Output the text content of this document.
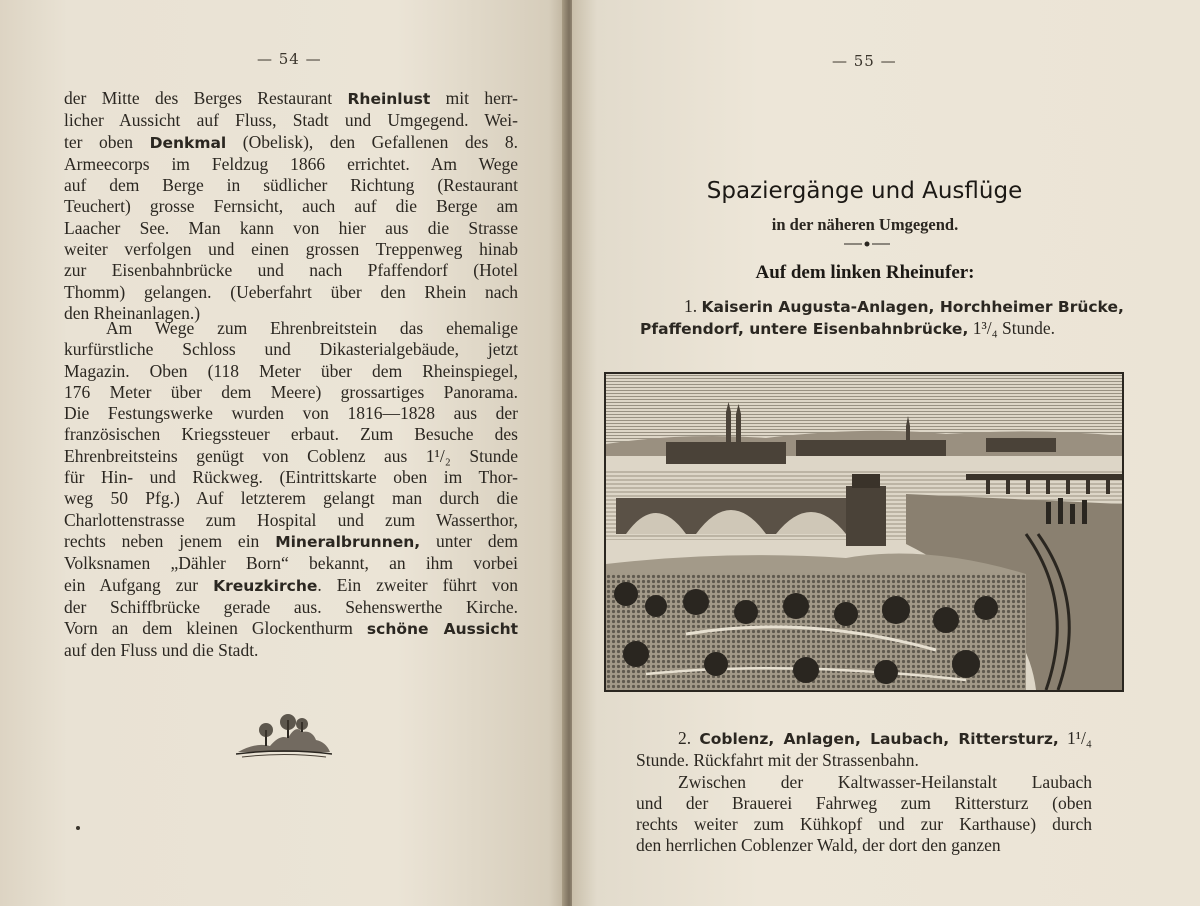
— 54 —
der Mitte des Berges Restaurant Rheinlust mit herr-
licher Aussicht auf Fluss, Stadt und Umgegend. Wei-
ter oben Denkmal (Obelisk), den Gefallenen des 8.
Armeecorps im Feldzug 1866 errichtet. Am Wege
auf dem Berge in südlicher Richtung (Restaurant
Teuchert) grosse Fernsicht, auch auf die Berge am
Laacher See. Man kann von hier aus die Strasse
weiter verfolgen und einen grossen Treppenweg hinab
zur Eisenbahnbrücke und nach Pfaffendorf (Hotel
Thomm) gelangen. (Ueberfahrt über den Rhein nach
den Rheinanlagen.)
Am Wege zum Ehrenbreitstein das ehemalige
kurfürstliche Schloss und Dikasterialgebäude, jetzt
Magazin. Oben (118 Meter über dem Rheinspiegel,
176 Meter über dem Meere) grossartiges Panorama.
Die Festungswerke wurden von 1816—1828 aus der
französischen Kriegssteuer erbaut. Zum Besuche des
Ehrenbreitsteins genügt von Coblenz aus 1¹/₂ Stunde
für Hin- und Rückweg. (Eintrittskarte oben im Thor-
weg 50 Pfg.) Auf letzterem gelangt man durch die
Charlottenstrasse zum Hospital und zum Wasserthor,
rechts neben jenem ein Mineralbrunnen, unter dem
Volksnamen „Dähler Born“ bekannt, an ihm vorbei
ein Aufgang zur Kreuzkirche. Ein zweiter führt von
der Schiffbrücke gerade aus. Sehenswerthe Kirche.
Vorn an dem kleinen Glockenthurm schöne Aussicht
auf den Fluss und die Stadt.
— 55 —
Spaziergänge und Ausflüge
in der näheren Umgegend.
Auf dem linken Rheinufer:
1. Kaiserin Augusta-Anlagen, Horchheimer Brücke,
Pfaffendorf, untere Eisenbahnbrücke, 1³/₄ Stunde.
2. Coblenz, Anlagen, Laubach, Rittersturz, 1¹/₄
Stunde. Rückfahrt mit der Strassenbahn.
Zwischen der Kaltwasser-Heilanstalt Laubach
und der Brauerei Fahrweg zum Rittersturz (oben
rechts weiter zum Kühkopf und zur Karthause) durch
den herrlichen Coblenzer Wald, der dort den ganzen
